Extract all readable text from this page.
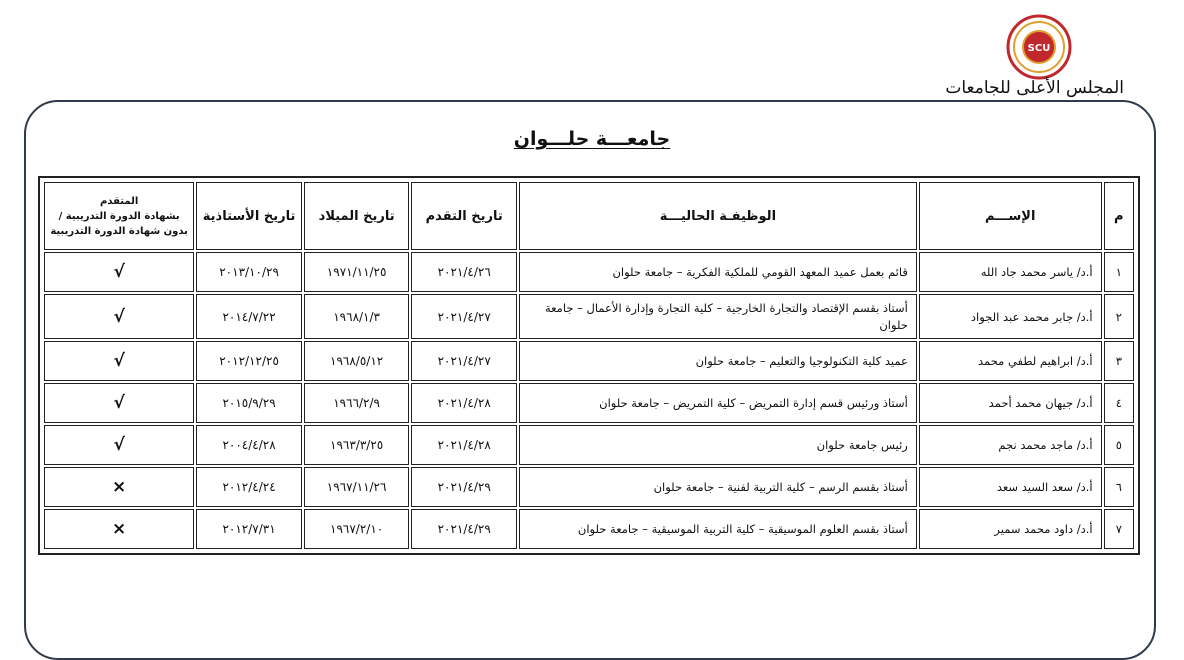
SCU
المجلس الأعلى للجامعات
جامعـــة حلـــوان
م	الإســـم	الوظيفـة الحاليـــة	تاريخ التقدم	تاريخ الميلاد	تاريخ الأستاذية	المتقدم
بشهادة الدورة التدريبية /
بدون شهادة الدورة التدريبية

١	أ.د/ ياسر محمد جاد الله	قائم بعمل عميد المعهد القومي للملكية الفكرية – جامعة حلوان	٢٠٢١/٤/٢٦	١٩٧١/١١/٢٥	٢٠١٣/١٠/٢٩	√
٢	أ.د/ جابر محمد عبد الجواد	أستاذ بقسم الإقتصاد والتجارة الخارجية – كلية التجارة وإدارة الأعمال – جامعة حلوان	٢٠٢١/٤/٢٧	١٩٦٨/١/٣	٢٠١٤/٧/٢٢	√
٣	أ.د/ ابراهيم لطفي محمد	عميد كلية التكنولوجيا والتعليم – جامعة حلوان	٢٠٢١/٤/٢٧	١٩٦٨/٥/١٢	٢٠١٢/١٢/٢٥	√
٤	أ.د/ جيهان محمد أحمد	أستاذ ورئيس قسم إدارة التمريض – كلية التمريض – جامعة حلوان	٢٠٢١/٤/٢٨	١٩٦٦/٢/٩	٢٠١٥/٩/٢٩	√
٥	أ.د/ ماجد محمد نجم	رئيس جامعة حلوان	٢٠٢١/٤/٢٨	١٩٦٣/٣/٢٥	٢٠٠٤/٤/٢٨	√
٦	أ.د/ سعد السيد سعد	أستاذ بقسم الرسم – كلية التربية لفنية – جامعة حلوان	٢٠٢١/٤/٢٩	١٩٦٧/١١/٢٦	٢٠١٢/٤/٢٤	×
٧	أ.د/ داود محمد سمير	أستاذ بقسم العلوم الموسيقية – كلية التربية الموسيقية – جامعة حلوان	٢٠٢١/٤/٢٩	١٩٦٧/٢/١٠	٢٠١٢/٧/٣١	×
